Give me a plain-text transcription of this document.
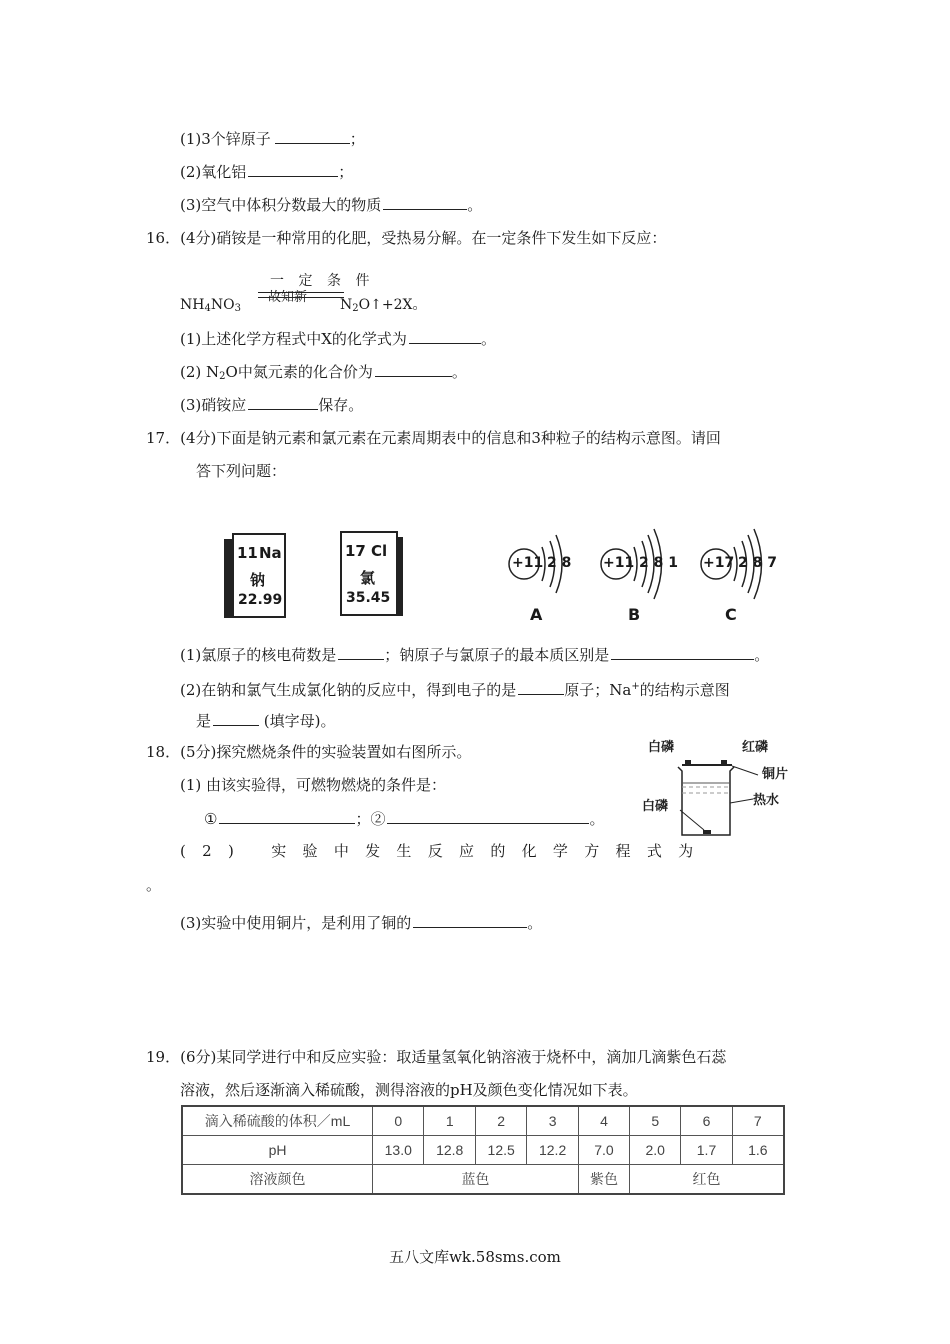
(1)3个锌原子	；
(2)氧化铝	；
(3)空气中体积分数最大的物质	。
16．(4分)硝铵是一种常用的化肥，受热易分解。在一定条件下发生如下反应：
一定条件
故知新
$NH_4NO_3$	$N_2O↑+2X$。
(1)上述化学方程式中X的化学式为	。
(2) $N_2O$中氮元素的化合价为	。
(3)硝铵应	保存。
17．(4分)下面是钠元素和氯元素在元素周期表中的信息和3种粒子的结构示意图。请回
答下列问题：
11 Na
钠
22.99
17 Cl
氯
35.45
+11 2 8
A
+11 2 8 1
B
+17 2 8 7
C
(1)氯原子的核电荷数是	；钠原子与氯原子的最本质区别是	。
(2)在钠和氯气生成氯化钠的反应中，得到电子的是	原子；Na+的结构示意图
是	(填字母)。
18．(5分)探究燃烧条件的实验装置如右图所示。
(1) 由该实验得，可燃物燃烧的条件是：
①	；②	。
(2) 实验中发生反应的化学方程式为
。
(3)实验中使用铜片，是利用了铜的	。
白磷	红磷
铜片
白磷	热水
19．(6分)某同学进行中和反应实验：取适量氢氧化钠溶液于烧杯中，滴加几滴紫色石蕊
溶液，然后逐渐滴入稀硫酸，测得溶液的pH及颜色变化情况如下表。
滴入稀硫酸的体积／mL	0	1	2	3	4	5	6	7
pH	13.0	12.8	12.5	12.2	7.0	2.0	1.7	1.6
溶液颜色	蓝色				紫色	红色		
五八文库wk.58sms.com
